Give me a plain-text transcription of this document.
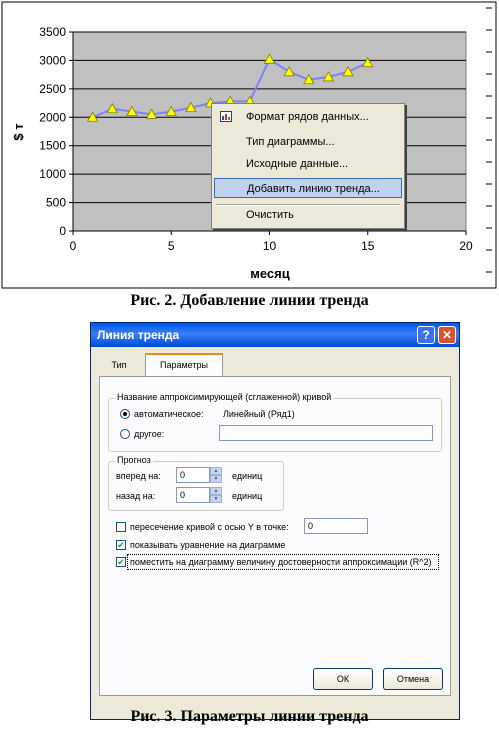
0
500
1000
1500
2000
2500
3000
3500
0	5	10	15	20
месяц
$ т
Формат рядов данных...
Тип диаграммы...
Исходные данные...
Добавить линию тренда...
Очистить
Рис. 2. Добавление линии тренда
Линия тренда	?	✕
Тип	Параметры
Название аппроксимирующей (сглаженной) кривой
автоматическое: Линейный (Ряд1)
другое:
Прогноз
вперед на:	0	▲
▼	единиц
назад на:	0	▲
▼	единиц
пересечение кривой с осью Y в точке:	0
✔ показывать уравнение на диаграмме
✔ поместить на диаграмму величину достоверности аппроксимации (R^2)
ОК	Отмена
Рис. 3. Параметры линии тренда
